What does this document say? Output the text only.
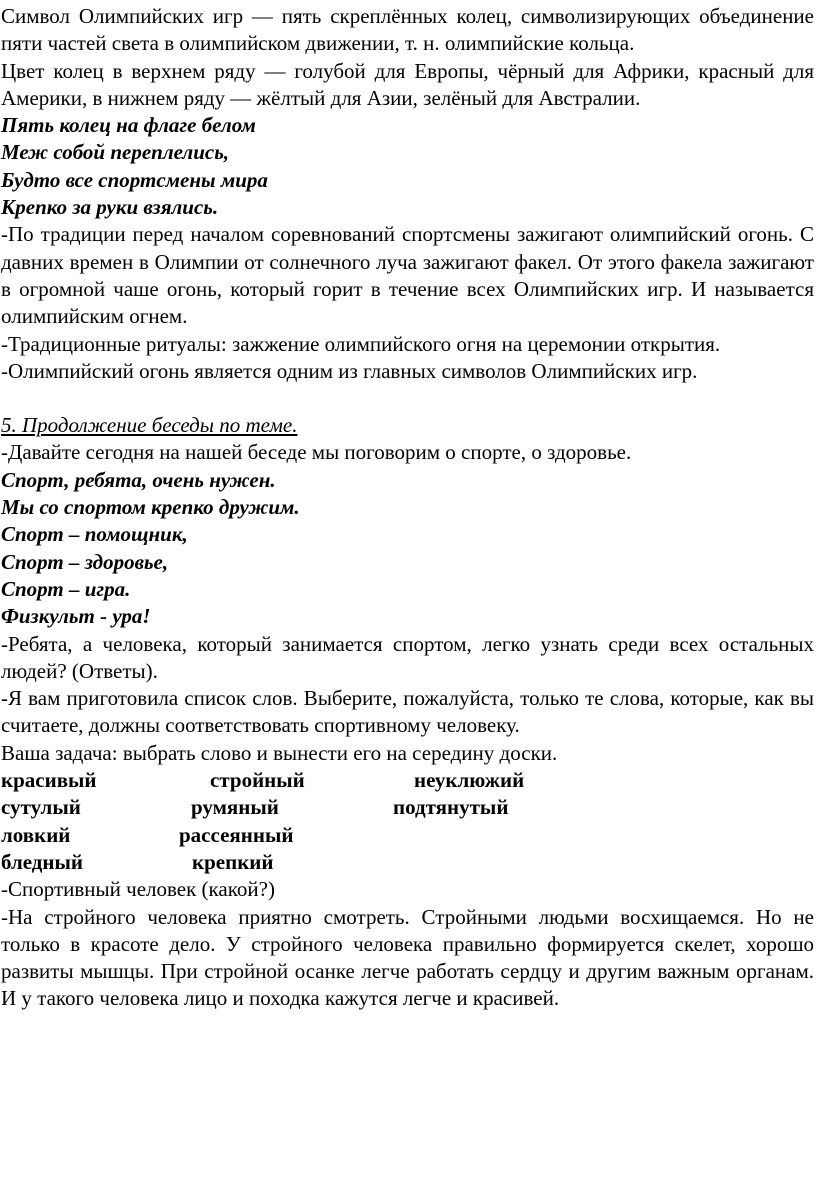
Символ Олимпийских игр — пять скреплённых колец, символизирующих объединение пяти частей света в олимпийском движении, т. н. олимпийские кольца.

Цвет колец в верхнем ряду — голубой для Европы, чёрный для Африки, красный для Америки, в нижнем ряду — жёлтый для Азии, зелёный для Австралии.

Пять колец на флаге белом

Меж собой переплелись,

Будто все спортсмены мира

Крепко за руки взялись.

-По традиции перед началом соревнований спортсмены зажигают олимпийский огонь. С давних времен в Олимпии от солнечного луча зажигают факел. От этого факела зажигают в огромной чаше огонь, который горит в течение всех Олимпийских игр. И называется олимпийским огнем.

-Традиционные ритуалы: зажжение олимпийского огня на церемонии открытия.

-Олимпийский огонь является одним из главных символов Олимпийских игр.

5. Продолжение беседы по теме.

-Давайте сегодня на нашей беседе мы поговорим о спорте, о здоровье.

Спорт, ребята, очень нужен.

Мы со спортом крепко дружим.

Спорт – помощник,

Спорт – здоровье,

Спорт – игра.

Физкульт - ура!

-Ребята, а человека, который занимается спортом, легко узнать среди всех остальных людей? (Ответы).

-Я вам приготовила список слов. Выберите, пожалуйста, только те слова, которые, как вы считаете, должны соответствовать спортивному человеку.

Ваша задача: выбрать слово и вынести его на середину доски.

красивый	стройный	неуклюжий
сутулый	румяный	подтянутый
ловкий	рассеянный
бледный	крепкий

-Спортивный человек (какой?)

-На стройного человека приятно смотреть. Стройными людьми восхищаемся. Но не только в красоте дело. У стройного человека правильно формируется скелет, хорошо развиты мышцы. При стройной осанке легче работать сердцу и другим важным органам. И у такого человека лицо и походка кажутся легче и красивей.
